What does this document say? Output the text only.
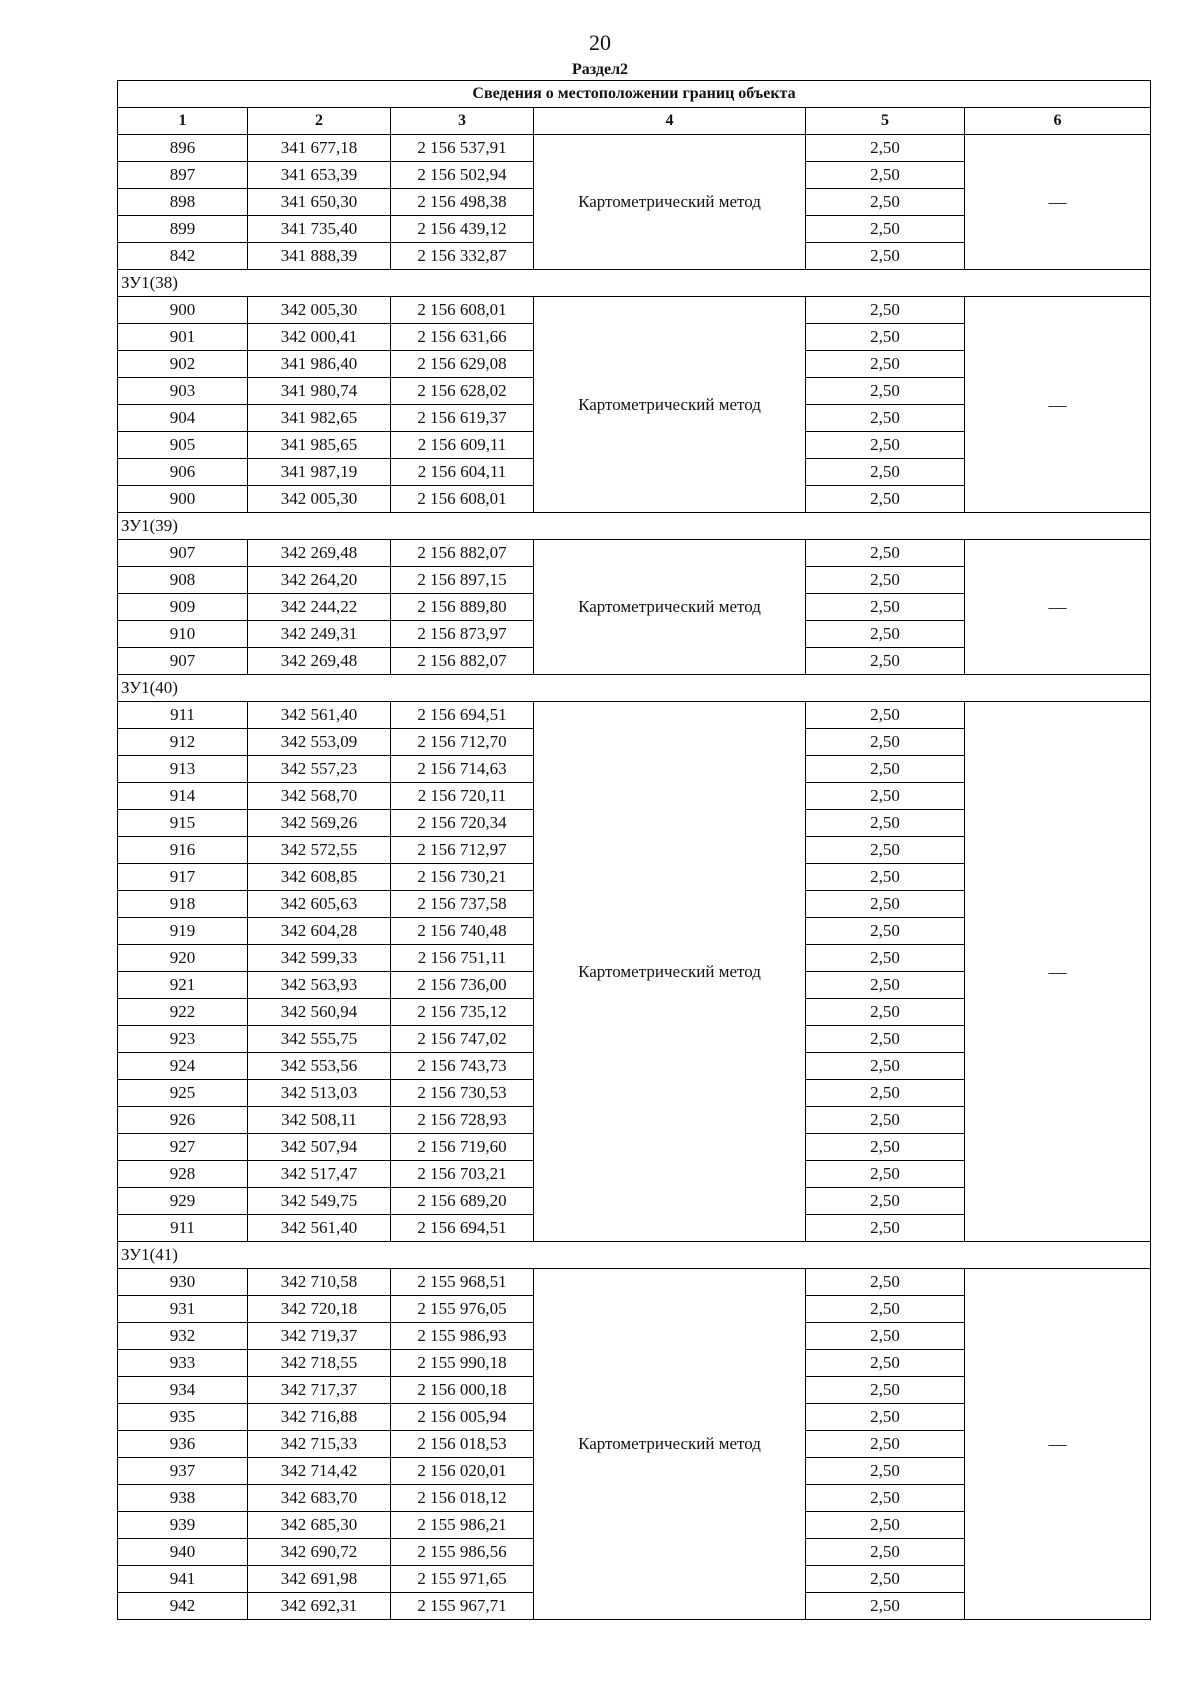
20
Раздел2
Сведения о местоположении границ объекта					
1	2	3	4	5	6
896	341 677,18	2 156 537,91	Картометрический метод	2,50	—
897	341 653,39	2 156 502,94		2,50	
898	341 650,30	2 156 498,38		2,50	
899	341 735,40	2 156 439,12		2,50	
842	341 888,39	2 156 332,87		2,50	
ЗУ1(38)					
900	342 005,30	2 156 608,01	Картометрический метод	2,50	—
901	342 000,41	2 156 631,66		2,50	
902	341 986,40	2 156 629,08		2,50	
903	341 980,74	2 156 628,02		2,50	
904	341 982,65	2 156 619,37		2,50	
905	341 985,65	2 156 609,11		2,50	
906	341 987,19	2 156 604,11		2,50	
900	342 005,30	2 156 608,01		2,50	
ЗУ1(39)					
907	342 269,48	2 156 882,07	Картометрический метод	2,50	—
908	342 264,20	2 156 897,15		2,50	
909	342 244,22	2 156 889,80		2,50	
910	342 249,31	2 156 873,97		2,50	
907	342 269,48	2 156 882,07		2,50	
ЗУ1(40)					
911	342 561,40	2 156 694,51	Картометрический метод	2,50	—
912	342 553,09	2 156 712,70		2,50	
913	342 557,23	2 156 714,63		2,50	
914	342 568,70	2 156 720,11		2,50	
915	342 569,26	2 156 720,34		2,50	
916	342 572,55	2 156 712,97		2,50	
917	342 608,85	2 156 730,21		2,50	
918	342 605,63	2 156 737,58		2,50	
919	342 604,28	2 156 740,48		2,50	
920	342 599,33	2 156 751,11		2,50	
921	342 563,93	2 156 736,00		2,50	
922	342 560,94	2 156 735,12		2,50	
923	342 555,75	2 156 747,02		2,50	
924	342 553,56	2 156 743,73		2,50	
925	342 513,03	2 156 730,53		2,50	
926	342 508,11	2 156 728,93		2,50	
927	342 507,94	2 156 719,60		2,50	
928	342 517,47	2 156 703,21		2,50	
929	342 549,75	2 156 689,20		2,50	
911	342 561,40	2 156 694,51		2,50	
ЗУ1(41)					
930	342 710,58	2 155 968,51	Картометрический метод	2,50	—
931	342 720,18	2 155 976,05		2,50	
932	342 719,37	2 155 986,93		2,50	
933	342 718,55	2 155 990,18		2,50	
934	342 717,37	2 156 000,18		2,50	
935	342 716,88	2 156 005,94		2,50	
936	342 715,33	2 156 018,53		2,50	
937	342 714,42	2 156 020,01		2,50	
938	342 683,70	2 156 018,12		2,50	
939	342 685,30	2 155 986,21		2,50	
940	342 690,72	2 155 986,56		2,50	
941	342 691,98	2 155 971,65		2,50	
942	342 692,31	2 155 967,71		2,50	
